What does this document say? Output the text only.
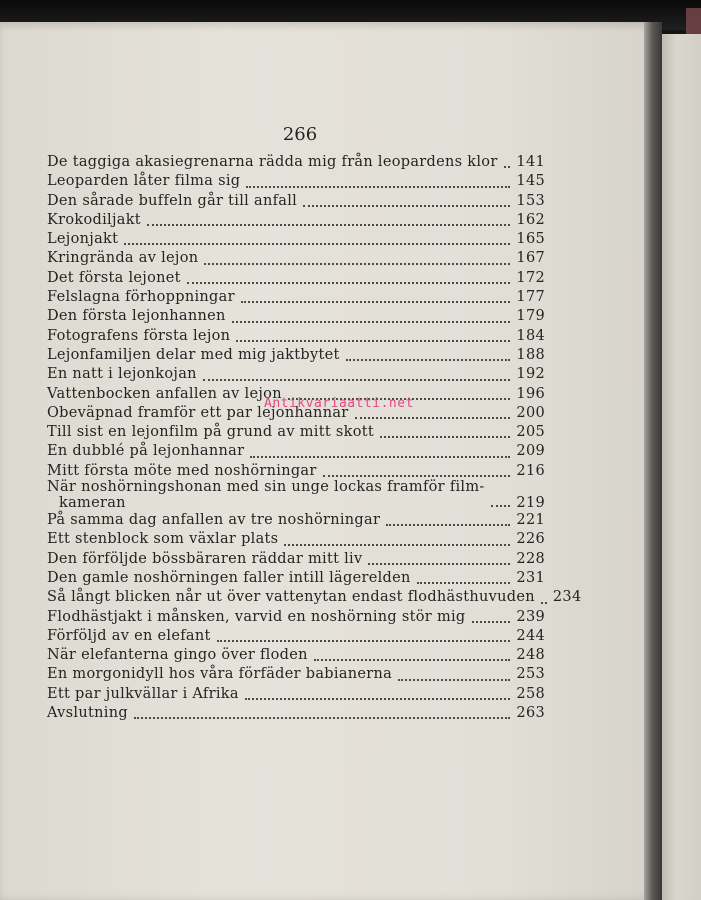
266
De taggiga akasiegrenarna rädda mig från leopardens klor 141
Leoparden låter filma sig	145
Den sårade buffeln går till anfall	153
Krokodiljakt	162
Lejonjakt	165
Kringrända av lejon	167
Det första lejonet	172
Felslagna förhoppningar	177
Den första lejonhannen	179
Fotografens första lejon	184
Lejonfamiljen delar med mig jaktbytet	188
En natt i lejonkojan	192
Vattenbocken anfallen av lejon	196
Obeväpnad framför ett par lejonhannar	200
Till sist en lejonfilm på grund av mitt skott	205
En dubblé på lejonhannar	209
Mitt första möte med noshörningar	216
När noshörningshonan med sin unge lockas framför film-
kameran	219
På samma dag anfallen av tre noshörningar	221
Ett stenblock som växlar plats	226
Den förföljde bössbäraren räddar mitt liv	228
Den gamle noshörningen faller intill lägerelden	231
Så långt blicken når ut över vattenytan endast flodhästhuvuden 234
Flodhästjakt i månsken, varvid en noshörning stör mig	239
Förföljd av en elefant	244
När elefanterna gingo över floden	248
En morgonidyll hos våra förfäder babianerna	253
Ett par julkvällar i Afrika	258
Avslutning	263
Antikvariaatti.net
